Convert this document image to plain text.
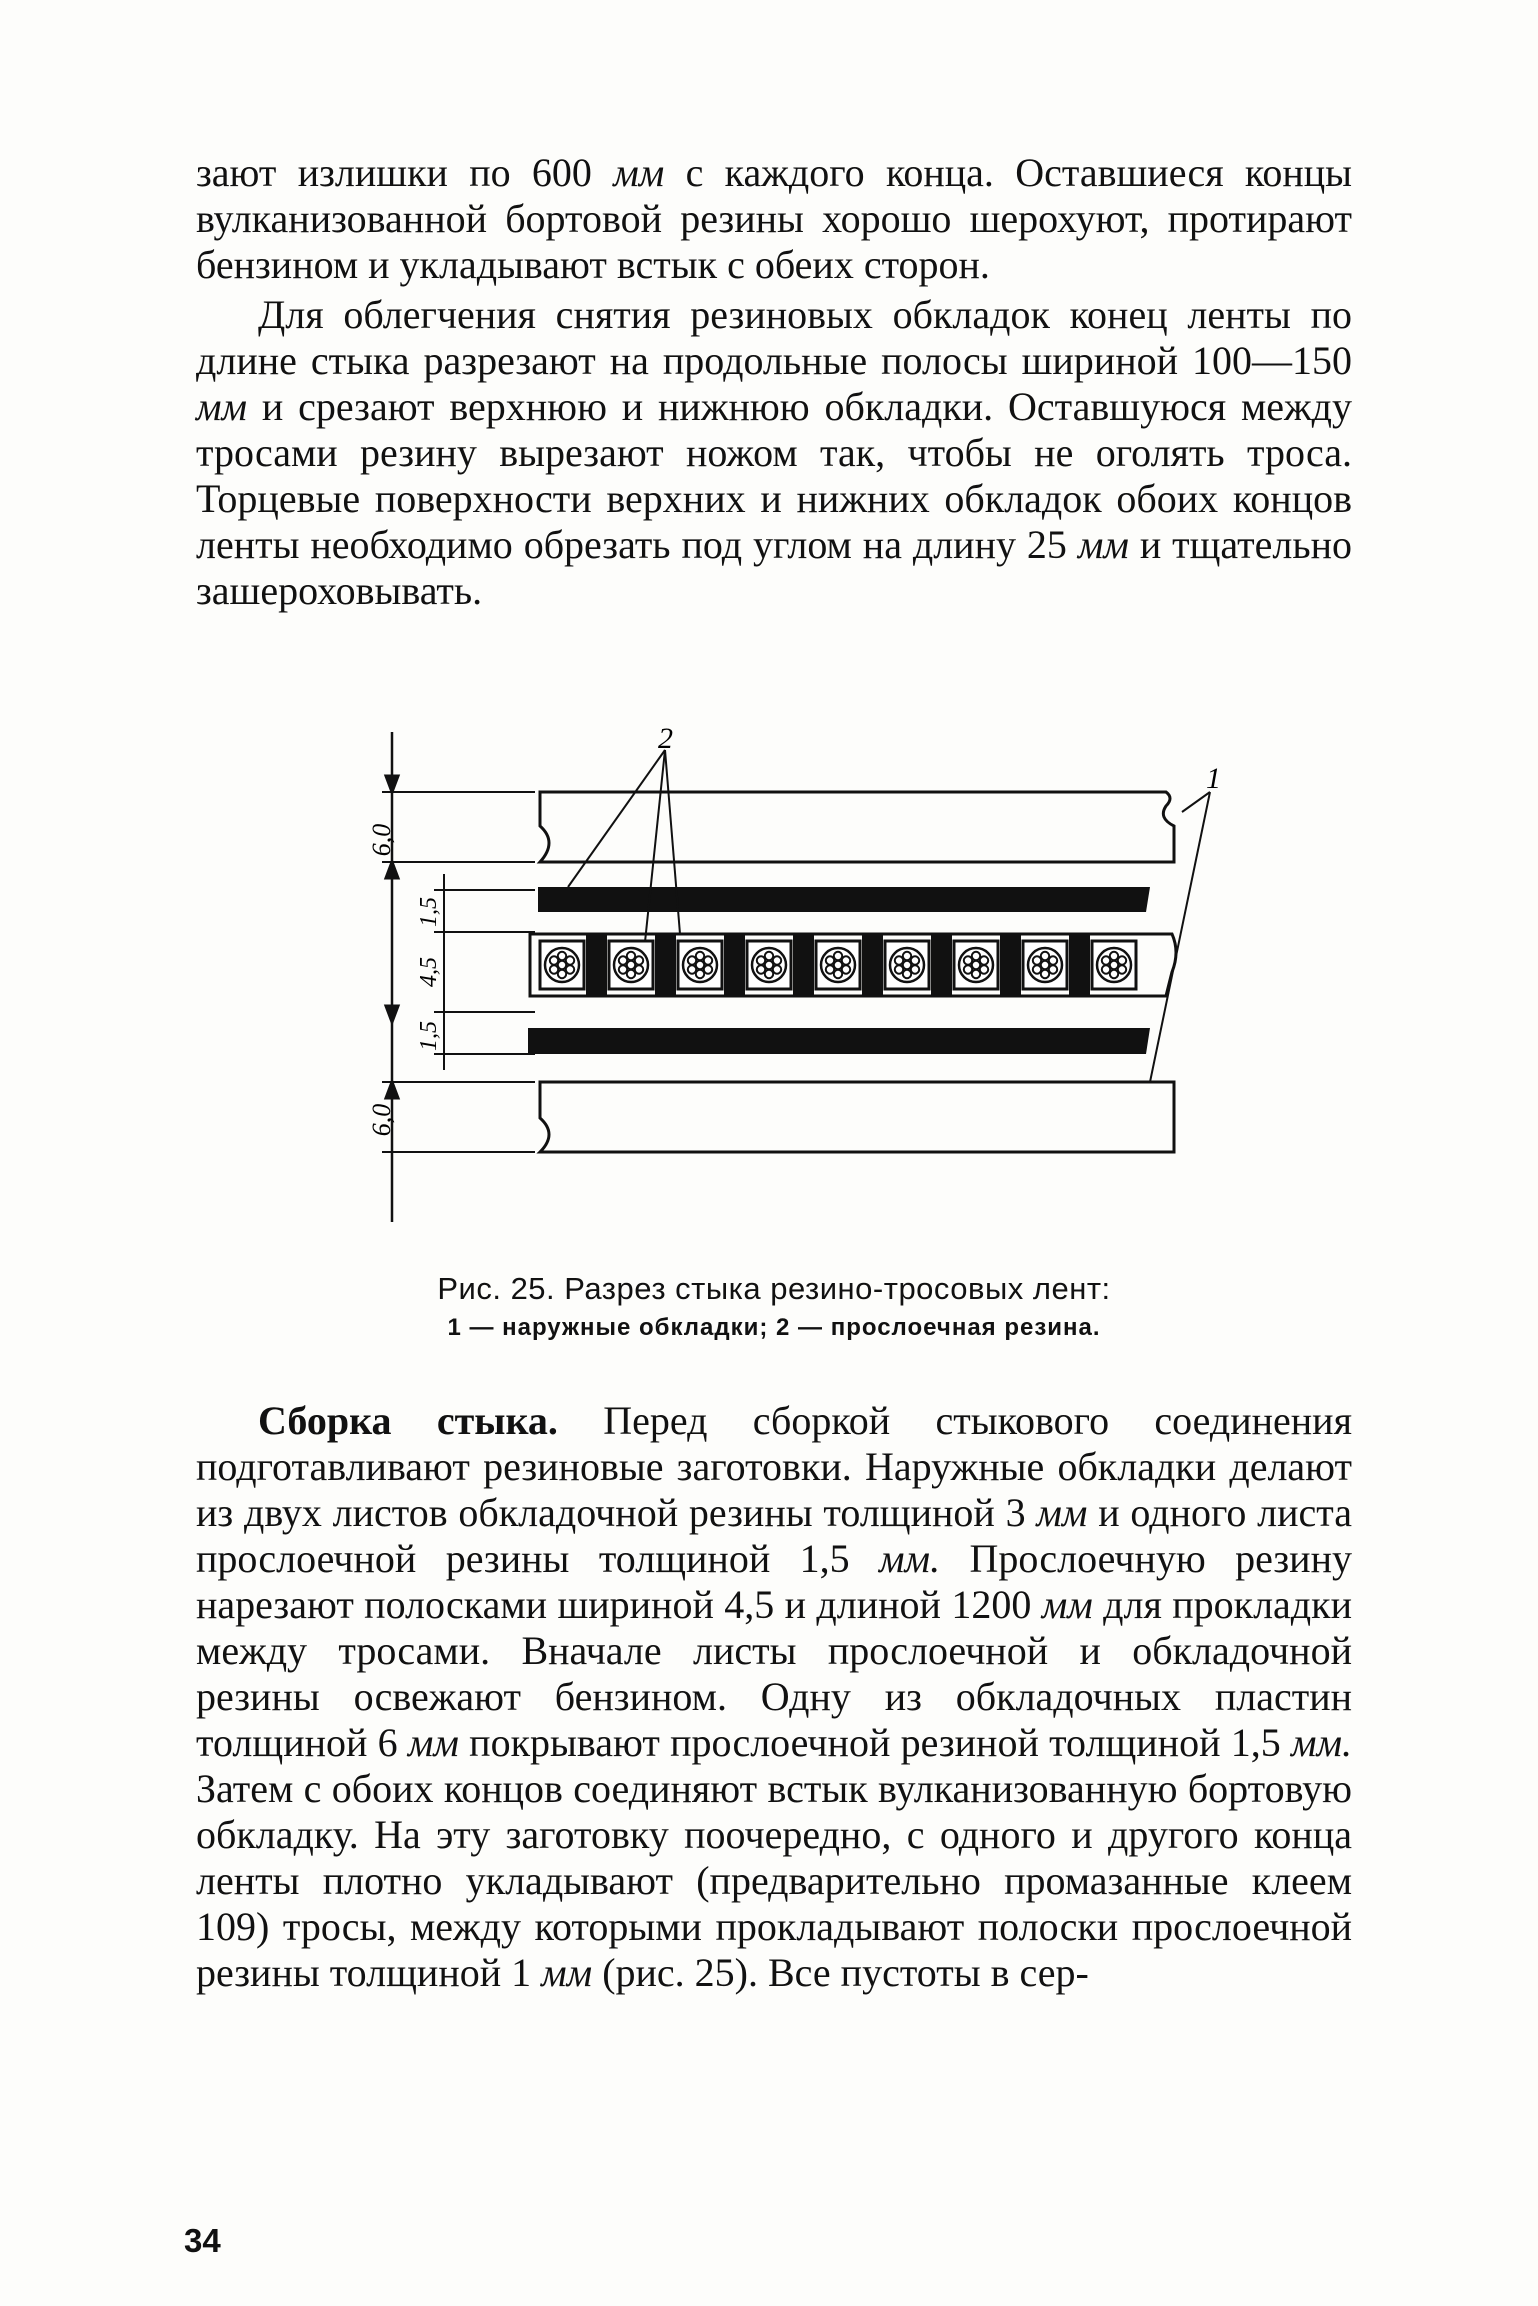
зают излишки по 600 мм с каждого конца. Оставшиеся концы вулканизованной бортовой резины хорошо шерохуют, протирают бензином и укладывают встык с обеих сторон.

Для облегчения снятия резиновых обкладок конец ленты по длине стыка разрезают на продольные полосы шириной 100—150 мм и срезают верхнюю и нижнюю обкладки. Оставшуюся между тросами резину вырезают ножом так, чтобы не оголять троса. Торцевые поверхности верхних и нижних обкладок обоих концов ленты необходимо обрезать под углом на длину 25 мм и тщательно зашероховывать.

2
1
6,0
1,5
4,5
1,5
6,0
Рис. 25. Разрез стыка резино-тросовых лент:
1 — наружные обкладки; 2 — прослоечная резина.

Сборка стыка. Перед сборкой стыкового соединения подготавливают резиновые заготовки. Наружные обкладки делают из двух листов обкладочной резины толщиной 3 мм и одного листа прослоечной резины толщиной 1,5 мм. Прослоечную резину нарезают полосками шириной 4,5 и длиной 1200 мм для прокладки между тросами. Вначале листы прослоечной и обкладочной резины освежают бензином. Одну из обкладочных пластин толщиной 6 мм покрывают прослоечной резиной толщиной 1,5 мм. Затем с обоих концов соединяют встык вулканизованную бортовую обкладку. На эту заготовку поочередно, с одного и другого конца ленты плотно укладывают (предварительно промазанные клеем 109) тросы, между которыми прокладывают полоски прослоечной резины толщиной 1 мм (рис. 25). Все пустоты в сер-

34
